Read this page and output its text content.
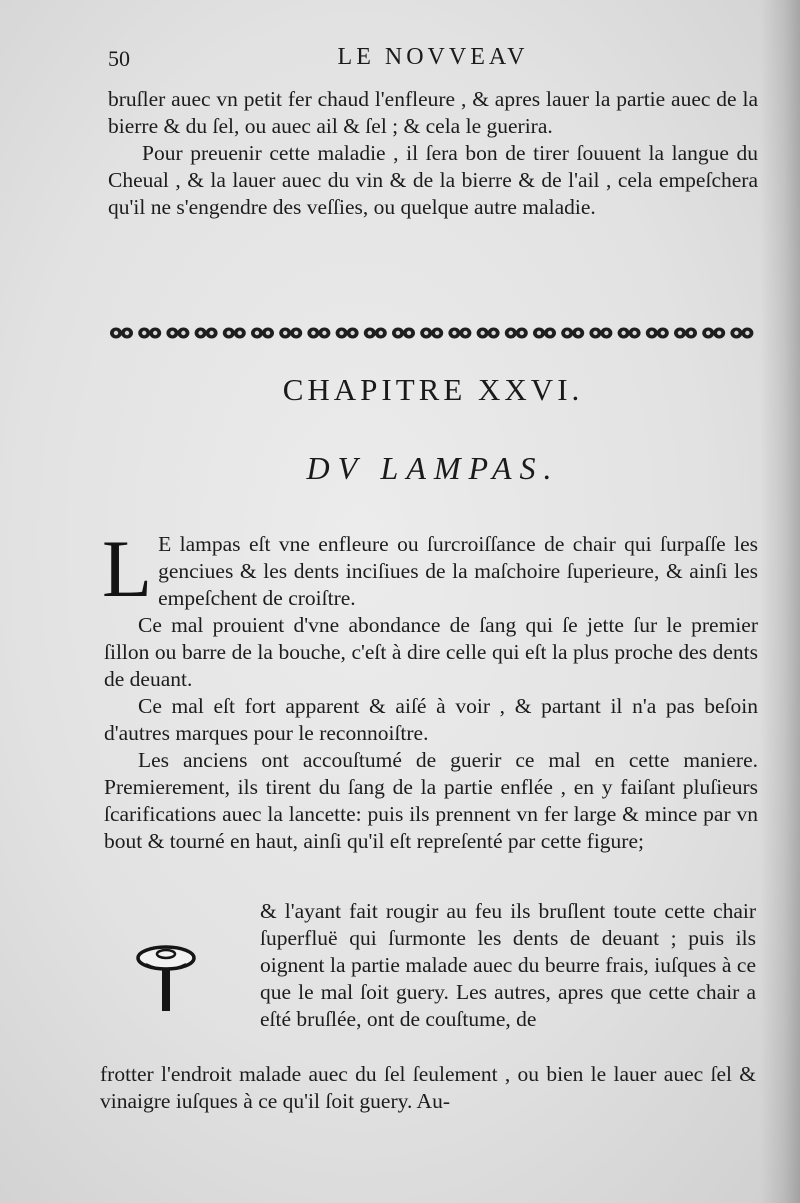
50	LE NOVVEAV

bruſler auec vn petit fer chaud l'enfleure , & apres lauer la partie auec de la bierre & du ſel, ou auec ail & ſel ; & cela le guerira.

Pour preuenir cette maladie , il ſera bon de tirer ſouuent la langue du Cheual , & la lauer auec du vin & de la bierre & de l'ail , cela empeſchera qu'il ne s'engendre des veſſies, ou quelque autre maladie.

CHAPITRE XXVI.
DV LAMPAS.
L E lampas eſt vne enfleure ou ſurcroiſſance de chair qui ſurpaſſe les genciues & les dents inciſiues de la maſchoire ſuperieure, & ainſi les empeſchent de croiſtre.

Ce mal prouient d'vne abondance de ſang qui ſe jette ſur le premier ſillon ou barre de la bouche, c'eſt à dire celle qui eſt la plus proche des dents de deuant.

Ce mal eſt fort apparent & aiſé à voir , & partant il n'a pas beſoin d'autres marques pour le reconnoiſtre.

Les anciens ont accouſtumé de guerir ce mal en cette maniere. Premierement, ils tirent du ſang de la partie enflée , en y faiſant pluſieurs ſcarifications auec la lancette: puis ils prennent vn fer large & mince par vn bout & tourné en haut, ainſi qu'il eſt repreſenté par cette figure;

& l'ayant fait rougir au feu ils bruſlent toute cette chair ſuperfluë qui ſurmonte les dents de deuant ; puis ils oignent la partie malade auec du beurre frais, iuſques à ce que le mal ſoit guery. Les autres, apres que cette chair a eſté bruſlée, ont de couſtume, de

frotter l'endroit malade auec du ſel ſeulement , ou bien le lauer auec ſel & vinaigre iuſques à ce qu'il ſoit guery. Au-
